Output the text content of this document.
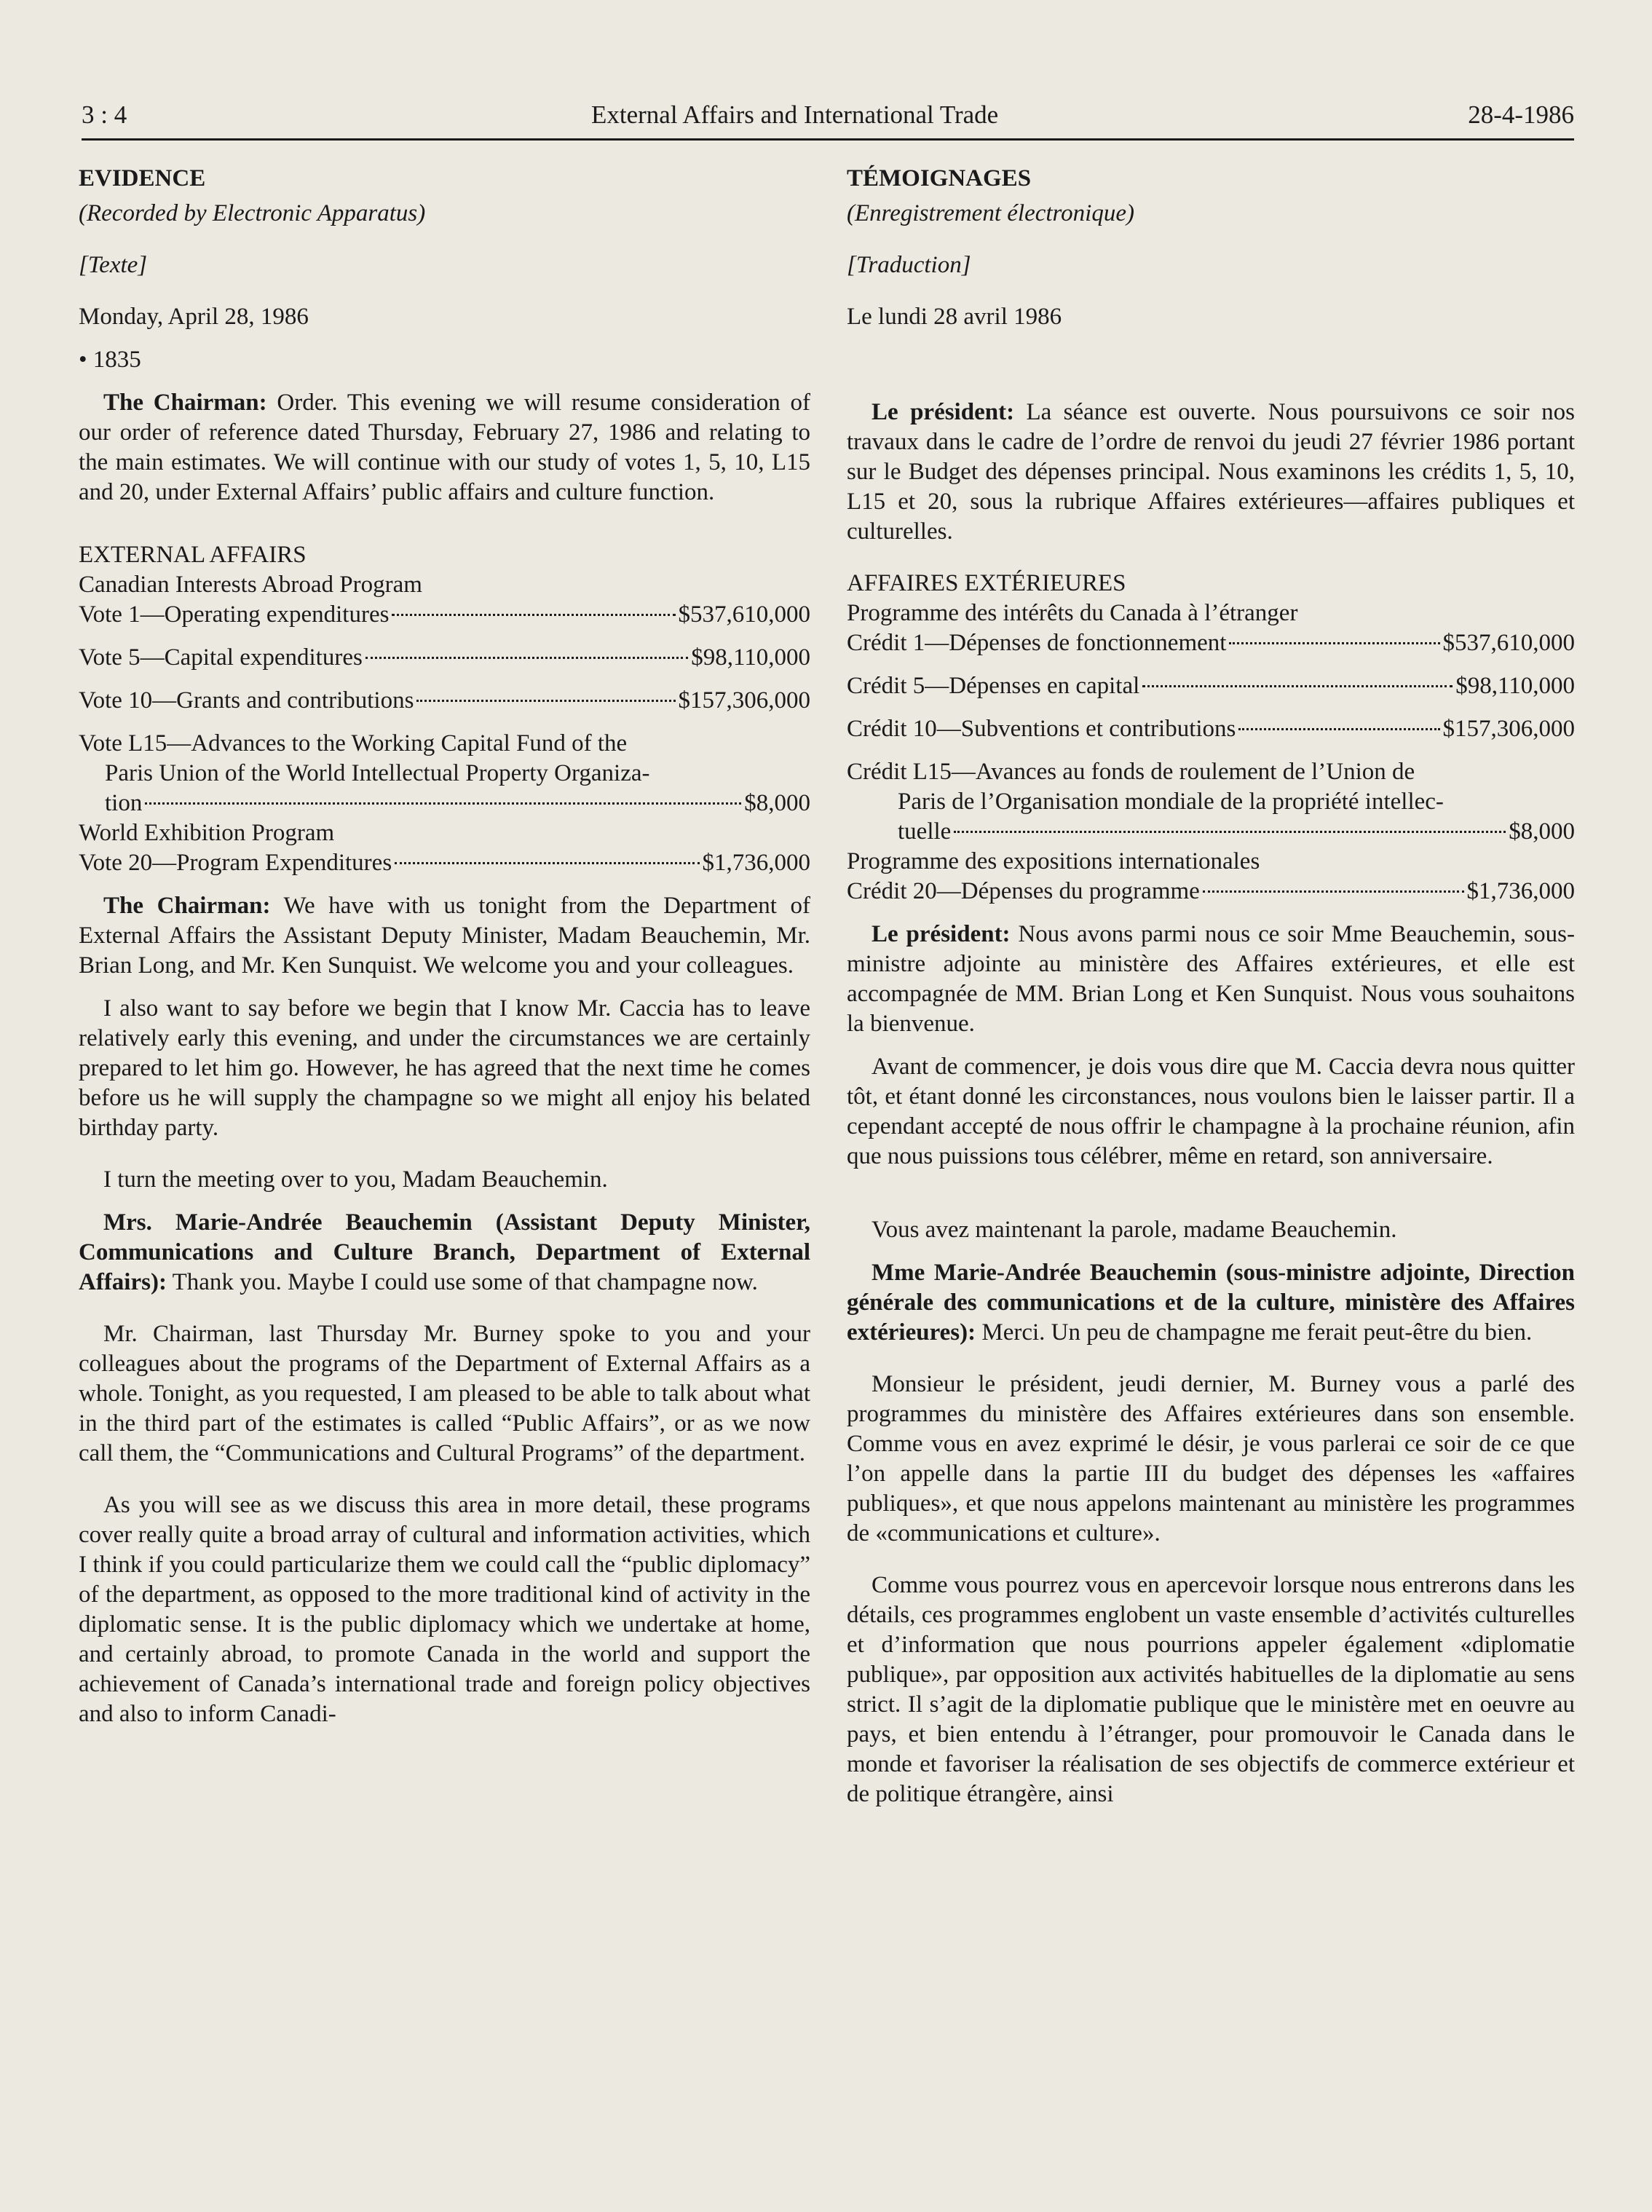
3 : 4	External Affairs and International Trade	28-4-1986

EVIDENCE

(Recorded by Electronic Apparatus)

[Texte]

Monday, April 28, 1986

• 1835

The Chairman: Order. This evening we will resume consideration of our order of reference dated Thursday, February 27, 1986 and relating to the main estimates. We will continue with our study of votes 1, 5, 10, L15 and 20, under External Affairs’ public affairs and culture function.

EXTERNAL AFFAIRS

Canadian Interests Abroad Program

Vote 1—Operating expenditures	$537,610,000
Vote 5—Capital expenditures	$98,110,000
Vote 10—Grants and contributions	$157,306,000

Vote L15—Advances to the Working Capital Fund of the

Paris Union of the World Intellectual Property Organiza-

tion	$8,000

World Exhibition Program

Vote 20—Program Expenditures	$1,736,000

The Chairman: We have with us tonight from the Department of External Affairs the Assistant Deputy Minister, Madam Beauchemin, Mr. Brian Long, and Mr. Ken Sunquist. We welcome you and your colleagues.

I also want to say before we begin that I know Mr. Caccia has to leave relatively early this evening, and under the circumstances we are certainly prepared to let him go. However, he has agreed that the next time he comes before us he will supply the champagne so we might all enjoy his belated birthday party.

I turn the meeting over to you, Madam Beauchemin.

Mrs. Marie-Andrée Beauchemin (Assistant Deputy Minister, Communications and Culture Branch, Department of External Affairs): Thank you. Maybe I could use some of that champagne now.

Mr. Chairman, last Thursday Mr. Burney spoke to you and your colleagues about the programs of the Department of External Affairs as a whole. Tonight, as you requested, I am pleased to be able to talk about what in the third part of the estimates is called “Public Affairs”, or as we now call them, the “Communications and Cultural Programs” of the department.

As you will see as we discuss this area in more detail, these programs cover really quite a broad array of cultural and information activities, which I think if you could particularize them we could call the “public diplomacy” of the department, as opposed to the more traditional kind of activity in the diplomatic sense. It is the public diplomacy which we undertake at home, and certainly abroad, to promote Canada in the world and support the achievement of Canada’s international trade and foreign policy objectives and also to inform Canadi-

TÉMOIGNAGES

(Enregistrement électronique)

[Traduction]

Le lundi 28 avril 1986

Le président: La séance est ouverte. Nous poursuivons ce soir nos travaux dans le cadre de l’ordre de renvoi du jeudi 27 février 1986 portant sur le Budget des dépenses principal. Nous examinons les crédits 1, 5, 10, L15 et 20, sous la rubrique Affaires extérieures—affaires publiques et culturelles.

AFFAIRES EXTÉRIEURES

Programme des intérêts du Canada à l’étranger

Crédit 1—Dépenses de fonctionnement	$537,610,000
Crédit 5—Dépenses en capital	$98,110,000
Crédit 10—Subventions et contributions	$157,306,000

Crédit L15—Avances au fonds de roulement de l’Union de

Paris de l’Organisation mondiale de la propriété intellec-

tuelle	$8,000

Programme des expositions internationales

Crédit 20—Dépenses du programme	$1,736,000

Le président: Nous avons parmi nous ce soir Mme Beauchemin, sous-ministre adjointe au ministère des Affaires extérieures, et elle est accompagnée de MM. Brian Long et Ken Sunquist. Nous vous souhaitons la bienvenue.

Avant de commencer, je dois vous dire que M. Caccia devra nous quitter tôt, et étant donné les circonstances, nous voulons bien le laisser partir. Il a cependant accepté de nous offrir le champagne à la prochaine réunion, afin que nous puissions tous célébrer, même en retard, son anniversaire.

Vous avez maintenant la parole, madame Beauchemin.

Mme Marie-Andrée Beauchemin (sous-ministre adjointe, Direction générale des communications et de la culture, ministère des Affaires extérieures): Merci. Un peu de champagne me ferait peut-être du bien.

Monsieur le président, jeudi dernier, M. Burney vous a parlé des programmes du ministère des Affaires extérieures dans son ensemble. Comme vous en avez exprimé le désir, je vous parlerai ce soir de ce que l’on appelle dans la partie III du budget des dépenses les «affaires publiques», et que nous appelons maintenant au ministère les programmes de «communications et culture».

Comme vous pourrez vous en apercevoir lorsque nous entrerons dans les détails, ces programmes englobent un vaste ensemble d’activités culturelles et d’information que nous pourrions appeler également «diplomatie publique», par opposition aux activités habituelles de la diplomatie au sens strict. Il s’agit de la diplomatie publique que le ministère met en oeuvre au pays, et bien entendu à l’étranger, pour promouvoir le Canada dans le monde et favoriser la réalisation de ses objectifs de commerce extérieur et de politique étrangère, ainsi
